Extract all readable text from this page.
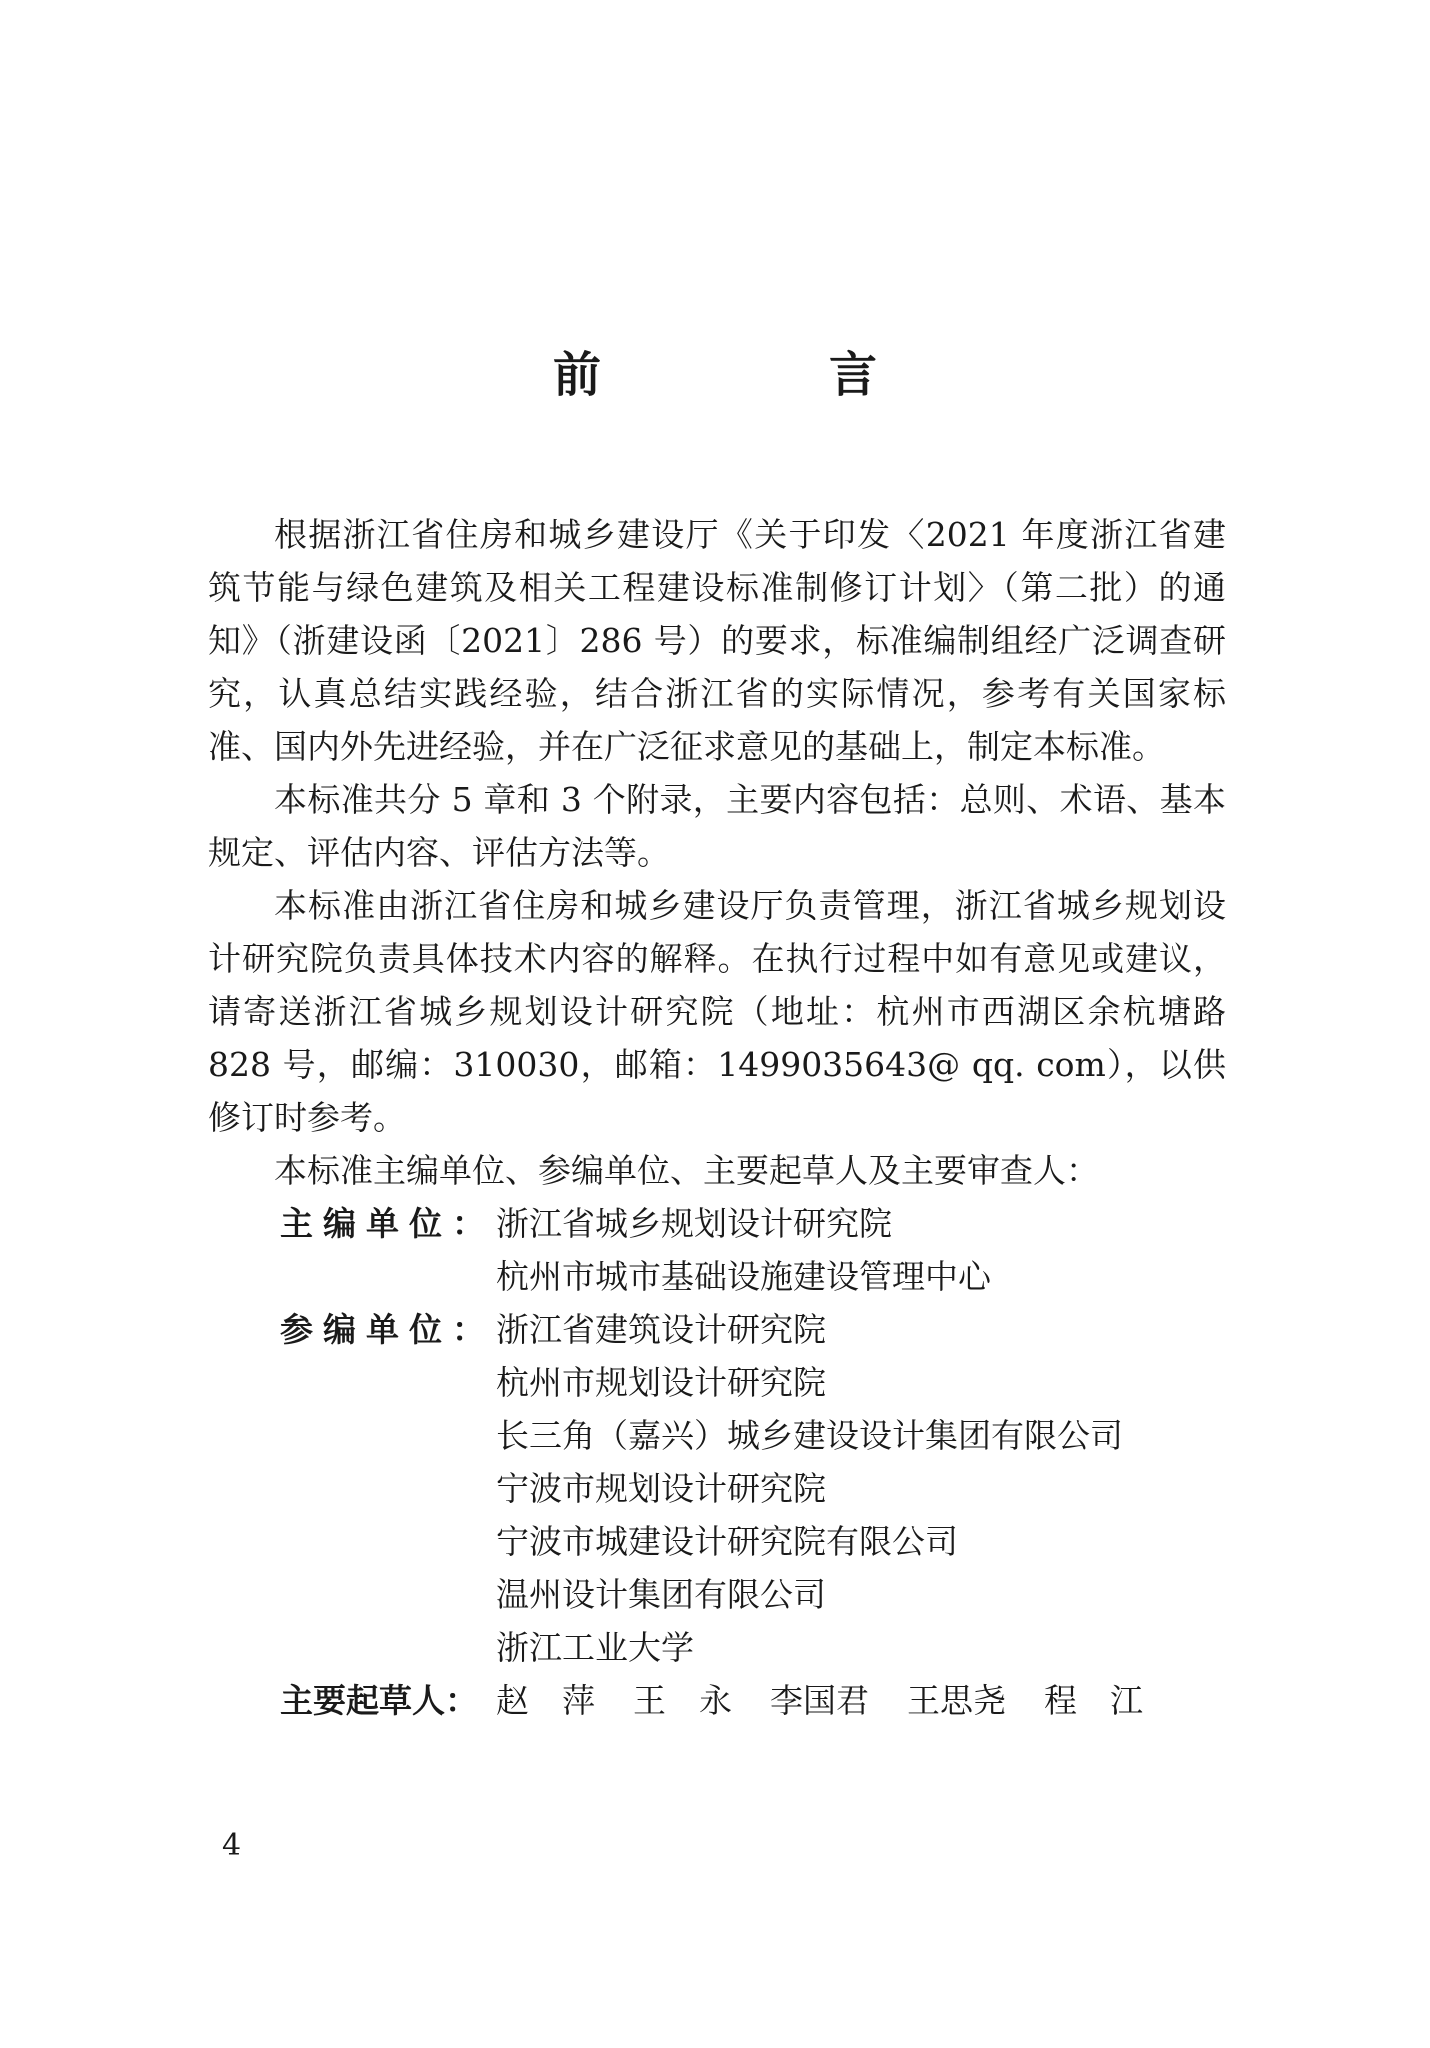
前　言

根据浙江省住房和城乡建设厅《关于印发〈2021 年度浙江省建筑节能与绿色建筑及相关工程建设标准制修订计划〉（第二批）的通知》（浙建设函〔2021〕286 号）的要求，标准编制组经广泛调查研究，认真总结实践经验，结合浙江省的实际情况，参考有关国家标准、国内外先进经验，并在广泛征求意见的基础上，制定本标准。

本标准共分 5 章和 3 个附录，主要内容包括：总则、术语、基本规定、评估内容、评估方法等。

本标准由浙江省住房和城乡建设厅负责管理，浙江省城乡规划设计研究院负责具体技术内容的解释。在执行过程中如有意见或建议，请寄送浙江省城乡规划设计研究院（地址：杭州市西湖区余杭塘路 828 号，邮编：310030，邮箱：1499035643@ qq. com），以供修订时参考。

本标准主编单位、参编单位、主要起草人及主要审查人：

主编单位： 浙江省城乡规划设计研究院
杭州市城市基础设施建设管理中心
参编单位： 浙江省建筑设计研究院
杭州市规划设计研究院
长三角（嘉兴）城乡建设设计集团有限公司
宁波市规划设计研究院
宁波市城建设计研究院有限公司
温州设计集团有限公司
浙江工业大学
主要起草人： 赵　萍 王　永 李国君 王思尧 程　江
4
